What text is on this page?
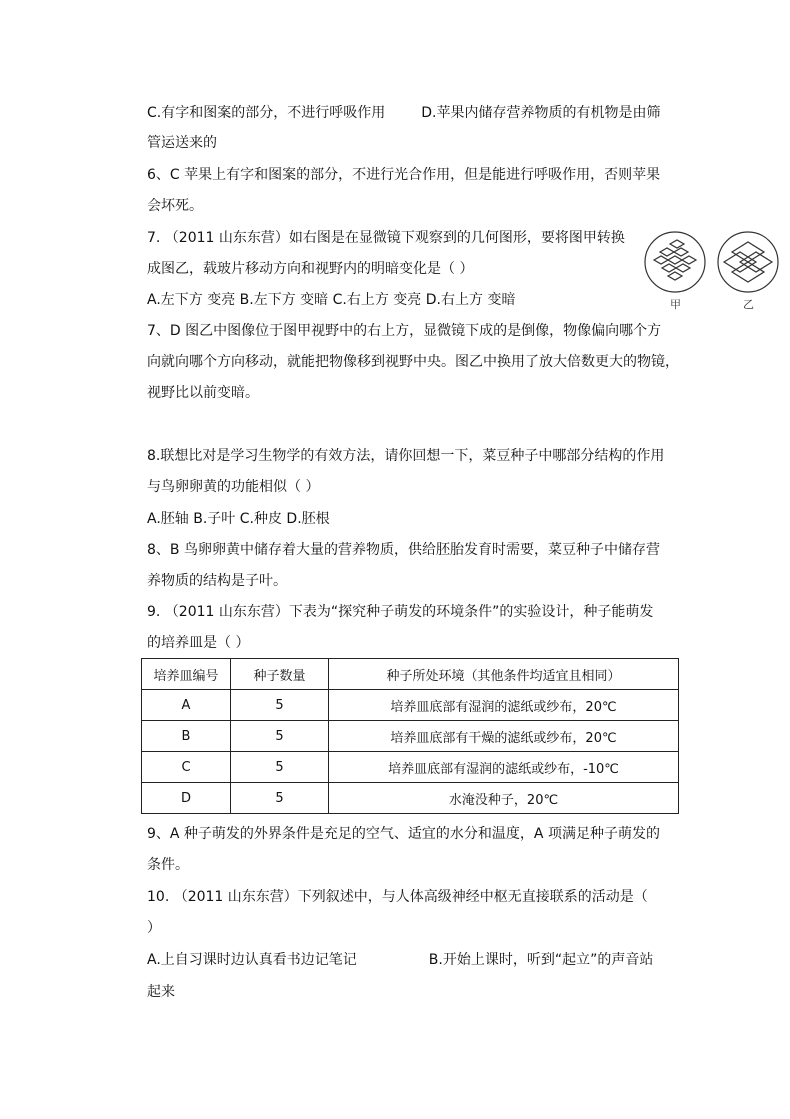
C.有字和图案的部分，不进行呼吸作用	D.苹果内储存营养物质的有机物是由筛
管运送来的
6、C 苹果上有字和图案的部分，不进行光合作用，但是能进行呼吸作用，否则苹果
会坏死。
7. （2011 山东东营）如右图是在显微镜下观察到的几何图形，要将图甲转换
成图乙，载玻片移动方向和视野内的明暗变化是（ ）
A.左下方 变亮 B.左下方 变暗 C.右上方 变亮 D.右上方 变暗
7、D 图乙中图像位于图甲视野中的右上方，显微镜下成的是倒像，物像偏向哪个方
向就向哪个方向移动，就能把物像移到视野中央。图乙中换用了放大倍数更大的物镜，
视野比以前变暗。
8.联想比对是学习生物学的有效方法，请你回想一下，菜豆种子中哪部分结构的作用
与鸟卵卵黄的功能相似（ ）
A.胚轴 B.子叶 C.种皮 D.胚根
8、B 鸟卵卵黄中储存着大量的营养物质，供给胚胎发育时需要，菜豆种子中储存营
养物质的结构是子叶。
9. （2011 山东东营）下表为“探究种子萌发的环境条件”的实验设计，种子能萌发
的培养皿是（ ）
培养皿编号	种子数量	种子所处环境（其他条件均适宜且相同）
A	5	培养皿底部有湿润的滤纸或纱布，20℃
B	5	培养皿底部有干燥的滤纸或纱布，20℃
C	5	培养皿底部有湿润的滤纸或纱布，-10℃
D	5	水淹没种子，20℃
9、A 种子萌发的外界条件是充足的空气、适宜的水分和温度，A 项满足种子萌发的
条件。
10. （2011 山东东营）下列叙述中，与人体高级神经中枢无直接联系的活动是（
）
A.上自习课时边认真看书边记笔记	B.开始上课时，听到“起立”的声音站
起来
甲	乙
